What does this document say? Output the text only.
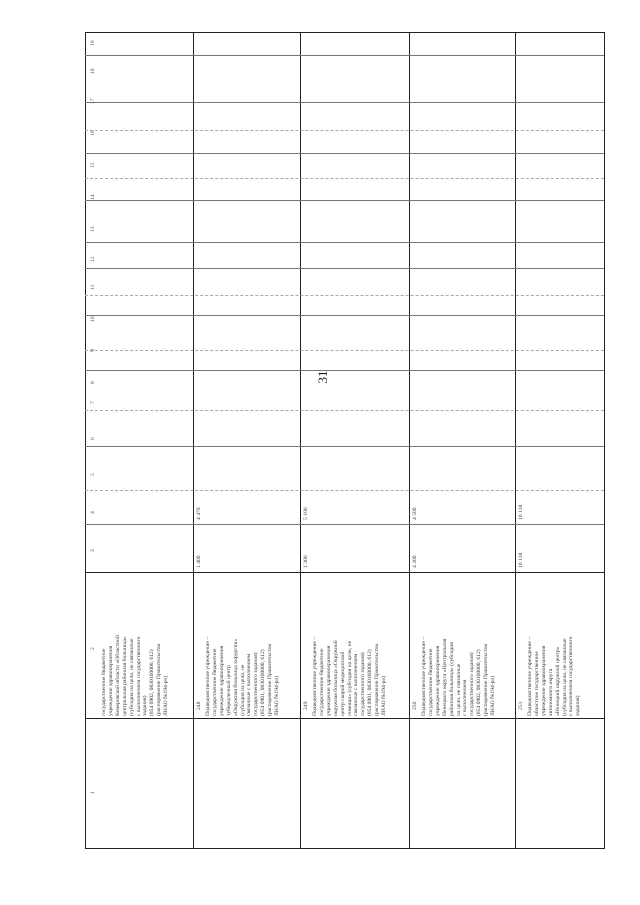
31
1
2
3
4
5
6
7
8
9
10
11
12
13
14
15
16
17
18
19
государственное бюджетное
учреждение здравоохранения
Кемеровской области «Областной
центральная районная больница»
(субсидия на цели, не связанные
с выполнением государственного
задания)
(854 0902, 0830160000, 612)
(распоряжение Правительства
ЛНАО №194-рп)
248 Подведомственное учреждение –
государственное бюджетное
учреждение здравоохранения
туберкулезный центр
«Окружная больница хирургии»
(субсидия на цели, не
связанные с выполнением
государственного задания)
(854 0901, 0830160000, 612)
(распоряжение Правительства
ЛНАО №194-рп)
1 400
4 470
249 Подведомственное учреждение –
государственное бюджетное
учреждение здравоохранения
окружная больница «Окружной
центр скорой медицинской
помощи» (субсидия на цели, не
связанные с выполнением
государственного задания)
(854 0901, 0830160000, 612)
(распоряжение Правительства
ЛНАО №194-рп)
1 300
5 100
250 Подведомственное учреждение –
государственное бюджетное
учреждение здравоохранения
Ненецкого округа «Центральная
районная больница» (субсидия
на цели, не связанные
с выполнением
государственного задания)
(854 0902, 0830160000, 612)
(распоряжение Правительства
ЛНАО №194-рп)
4 300
4 500
251 Подведомственное учреждение –
областное государственное
учреждение здравоохранения
автономного округа
«Ненецкий окружной центр»
(субсидия на цели, не связанные
с выполнением государственного
задания)
10 138
10 138
